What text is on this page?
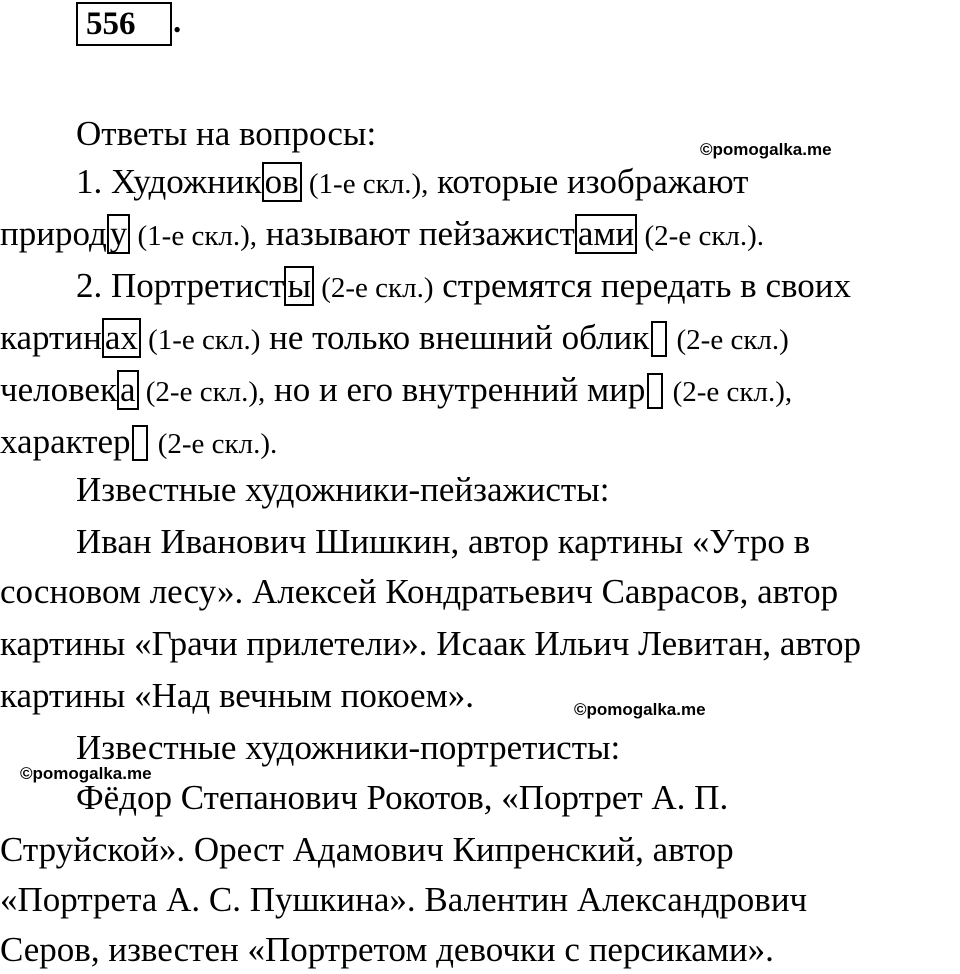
556	.
Ответы на вопросы:	©pomogalka.me
1. Художников (1-е скл.), которые изображают
природу (1-е скл.), называют пейзажистами (2-е скл.).
2. Портретисты (2-е скл.) стремятся передать в своих
картинах (1-е скл.) не только внешний облик (2-е скл.)
человека (2-е скл.), но и его внутренний мир (2-е скл.),
характер (2-е скл.).
Известные художники-пейзажисты:
Иван Иванович Шишкин, автор картины «Утро в
сосновом лесу». Алексей Кондратьевич Саврасов, автор
картины «Грачи прилетели». Исаак Ильич Левитан, автор
картины «Над вечным покоем».	©pomogalka.me
Известные художники-портретисты:
©pomogalka.me
Фёдор Степанович Рокотов, «Портрет А. П.
Струйской». Орест Адамович Кипренский, автор
«Портрета А. С. Пушкина». Валентин Александрович
Серов, известен «Портретом девочки с персиками».
